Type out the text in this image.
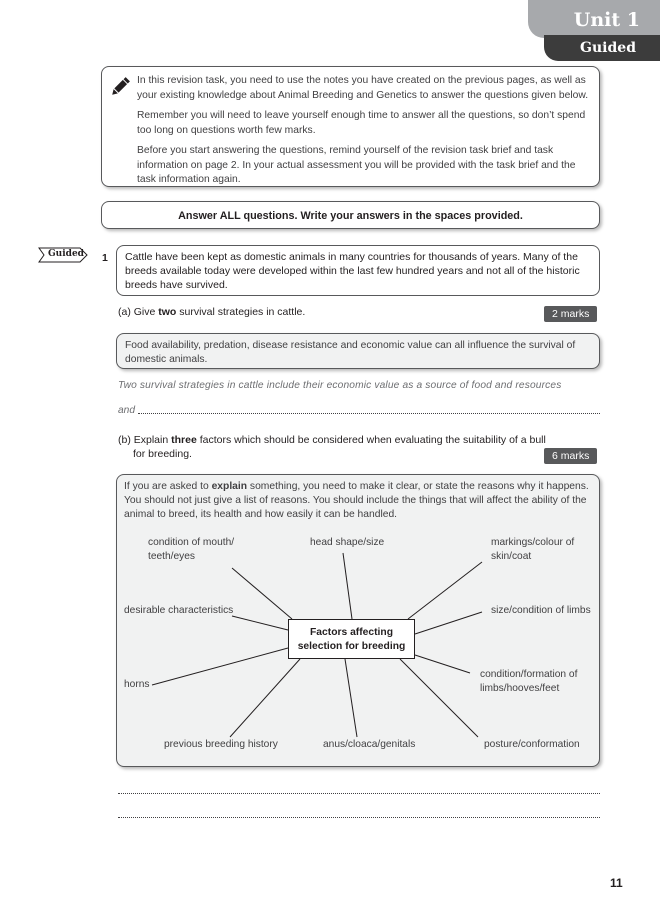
Unit 1
Guided

In this revision task, you need to use the notes you have created on the previous pages, as well as your existing knowledge about Animal Breeding and Genetics to answer the questions given below.

Remember you will need to leave yourself enough time to answer all the questions, so don’t spend too long on questions worth few marks.

Before you start answering the questions, remind yourself of the revision task brief and task information on page 2. In your actual assessment you will be provided with the task brief and the task information again.

Answer ALL questions. Write your answers in the spaces provided.
Guided 1 Cattle have been kept as domestic animals in many countries for thousands of years. Many of the breeds available today were developed within the last few hundred years and not all of the historic breeds have survived.

(a) Give two survival strategies in cattle.	2 marks

Food availability, predation, disease resistance and economic value can all influence the survival of domestic animals.

Two survival strategies in cattle include their economic value as a source of food and resources
and
(b) Explain three factors which should be considered when evaluating the suitability of a bull
for breeding.	6 marks

If you are asked to explain something, you need to make it clear, or state the reasons why it happens. You should not just give a list of reasons. You should include the things that will affect the ability of the animal to breed, its health and how easily it can be handled.

Factors affecting
selection for breeding
condition of mouth/
teeth/eyes
head shape/size	markings/colour of
skin/coat
desirable characteristics	size/condition of limbs
horns
condition/formation of
limbs/hooves/feet
previous breeding history	anus/cloaca/genitals	posture/conformation
11
